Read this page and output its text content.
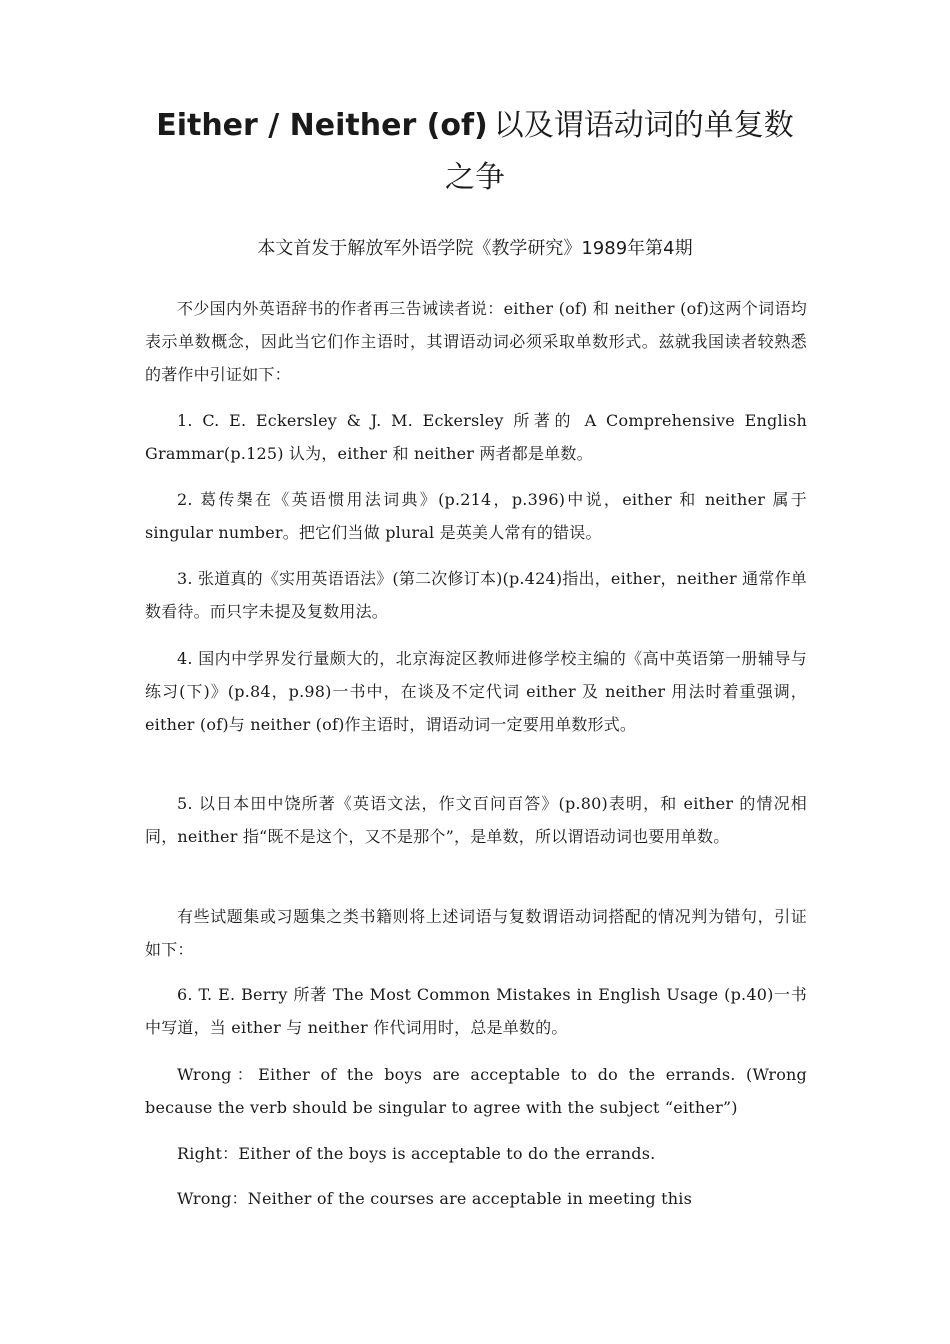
Either / Neither (of) 以及谓语动词的单复数之争

本文首发于解放军外语学院《教学研究》1989年第4期

不少国内外英语辞书的作者再三告诫读者说：either (of) 和 neither (of)这两个词语均表示单数概念，因此当它们作主语时，其谓语动词必须采取单数形式。兹就我国读者较熟悉的著作中引证如下：

1. C. E. Eckersley & J. M. Eckersley 所著的 A Comprehensive English Grammar(p.125) 认为，either 和 neither 两者都是单数。

2. 葛传槼在《英语惯用法词典》(p.214，p.396)中说，either 和 neither 属于 singular number。把它们当做 plural 是英美人常有的错误。

3. 张道真的《实用英语语法》(第二次修订本)(p.424)指出，either，neither 通常作单数看待。而只字未提及复数用法。

4. 国内中学界发行量颇大的，北京海淀区教师进修学校主编的《高中英语第一册辅导与练习(下)》(p.84，p.98)一书中，在谈及不定代词 either 及 neither 用法时着重强调，either (of)与 neither (of)作主语时，谓语动词一定要用单数形式。

5. 以日本田中饶所著《英语文法，作文百问百答》(p.80)表明，和 either 的情况相同，neither 指“既不是这个，又不是那个”，是单数，所以谓语动词也要用单数。

有些试题集或习题集之类书籍则将上述词语与复数谓语动词搭配的情况判为错句，引证如下：

6. T. E. Berry 所著 The Most Common Mistakes in English Usage (p.40)一书中写道，当 either 与 neither 作代词用时，总是单数的。

Wrong：Either of the boys are acceptable to do the errands. (Wrong because the verb should be singular to agree with the subject “either”)

Right：Either of the boys is acceptable to do the errands.

Wrong：Neither of the courses are acceptable in meeting this
